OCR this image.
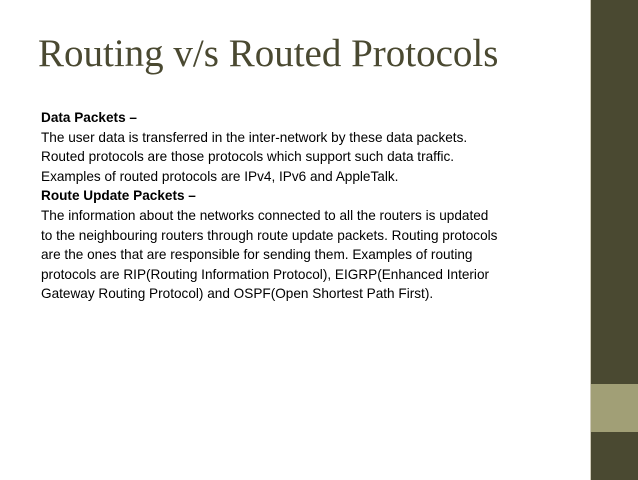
Routing v/s Routed Protocols
Data Packets –
The user data is transferred in the inter-network by these data packets.
Routed protocols are those protocols which support such data traffic.
Examples of routed protocols are IPv4, IPv6 and AppleTalk.
Route Update Packets –
The information about the networks connected to all the routers is updated
to the neighbouring routers through route update packets. Routing protocols
are the ones that are responsible for sending them. Examples of routing
protocols are RIP(Routing Information Protocol), EIGRP(Enhanced Interior
Gateway Routing Protocol) and OSPF(Open Shortest Path First).
